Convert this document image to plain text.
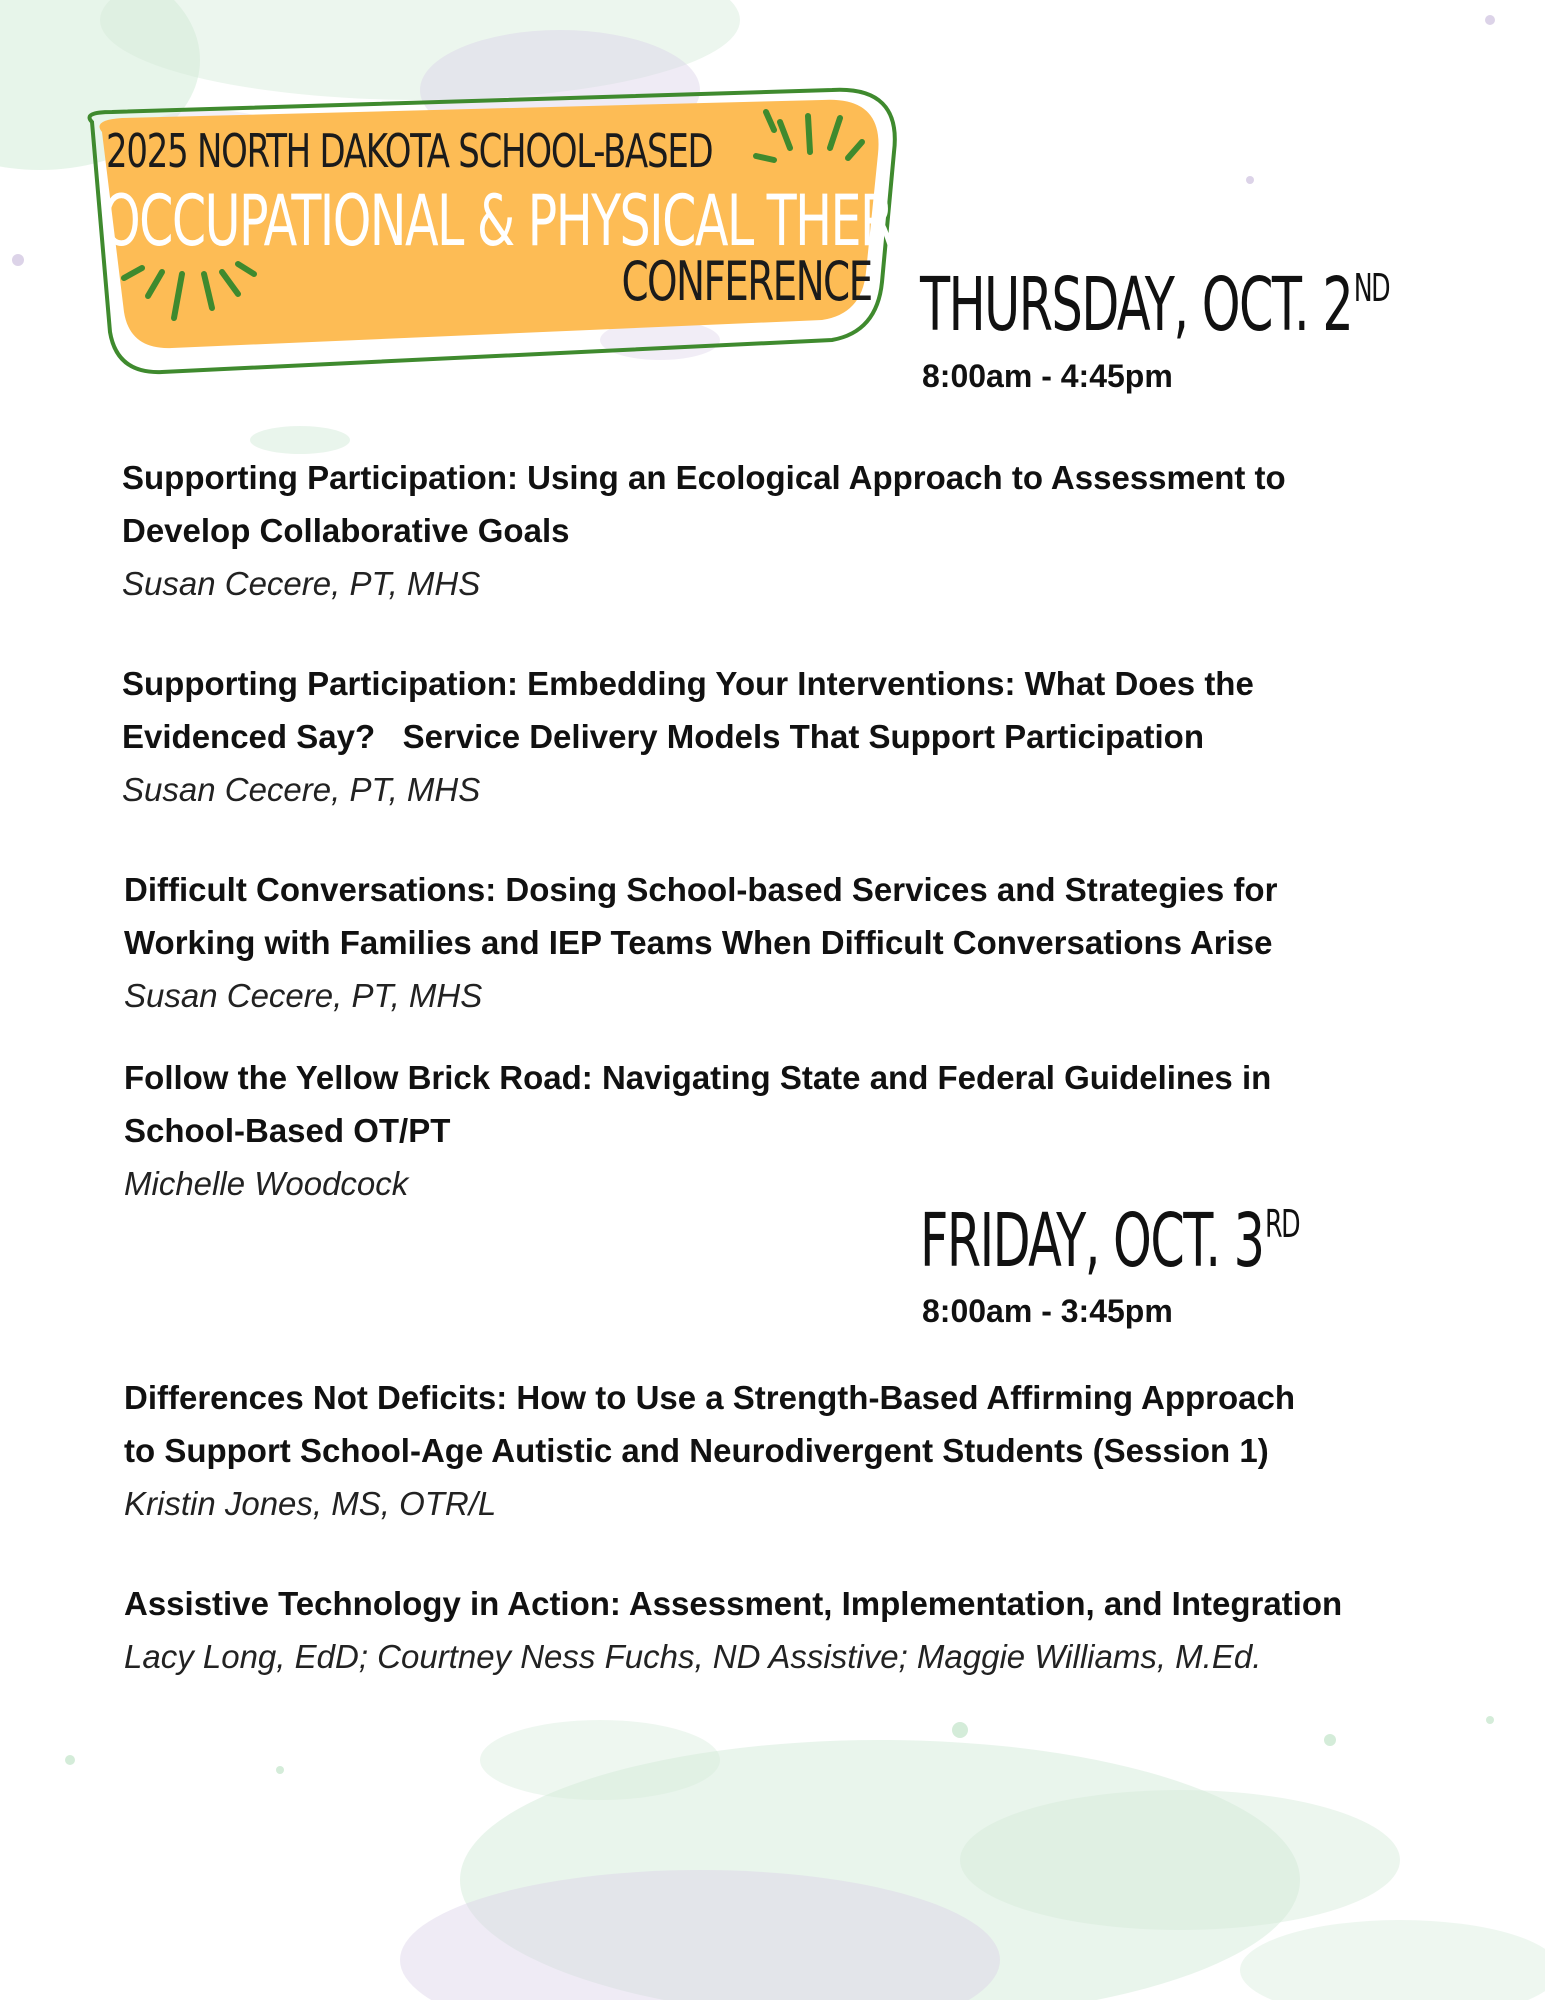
2025 NORTH DAKOTA SCHOOL-BASED
OCCUPATIONAL & PHYSICAL THERAPY
CONFERENCE THURSDAY, OCT. 2ND
8:00am - 4:45pm

Supporting Participation: Using an Ecological Approach to Assessment to

Develop Collaborative Goals

Susan Cecere, PT, MHS

Supporting Participation: Embedding Your Interventions: What Does the

Evidenced Say?   Service Delivery Models That Support Participation

Susan Cecere, PT, MHS

Difficult Conversations: Dosing School-based Services and Strategies for

Working with Families and IEP Teams When Difficult Conversations Arise

Susan Cecere, PT, MHS

Follow the Yellow Brick Road: Navigating State and Federal Guidelines in

School-Based OT/PT

Michelle Woodcock

FRIDAY, OCT. 3RD
8:00am - 3:45pm

Differences Not Deficits: How to Use a Strength-Based Affirming Approach

to Support School-Age Autistic and Neurodivergent Students (Session 1)

Kristin Jones, MS, OTR/L

Assistive Technology in Action: Assessment, Implementation, and Integration

Lacy Long, EdD; Courtney Ness Fuchs, ND Assistive; Maggie Williams, M.Ed.
